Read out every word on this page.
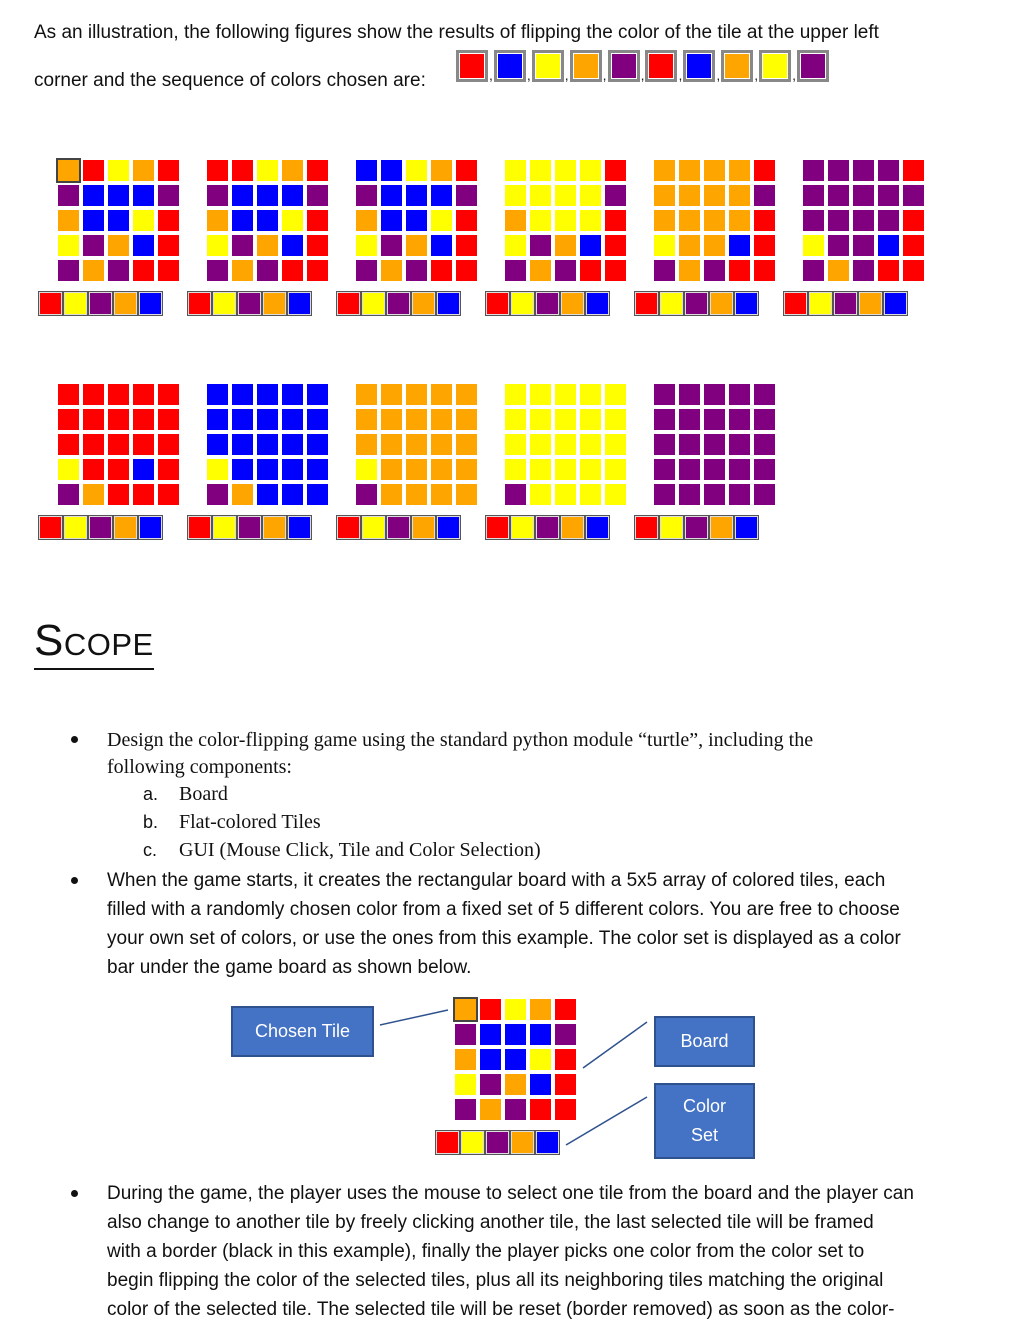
As an illustration, the following figures show the results of flipping the color of the tile at the upper left
corner and the sequence of colors chosen are:	, , , , , , , , ,
Scope
Design the color-flipping game using the standard python module “turtle”, including the
following components:
a. Board
b. Flat-colored Tiles
c. GUI (Mouse Click, Tile and Color Selection)
When the game starts, it creates the rectangular board with a 5x5 array of colored tiles, each
filled with a randomly chosen color from a fixed set of 5 different colors. You are free to choose
your own set of colors, or use the ones from this example. The color set is displayed as a color
bar under the game board as shown below.
Chosen Tile	Board
Color
Set
During the game, the player uses the mouse to select one tile from the board and the player can
also change to another tile by freely clicking another tile, the last selected tile will be framed
with a border (black in this example), finally the player picks one color from the color set to
begin flipping the color of the selected tiles, plus all its neighboring tiles matching the original
color of the selected tile. The selected tile will be reset (border removed) as soon as the color-
